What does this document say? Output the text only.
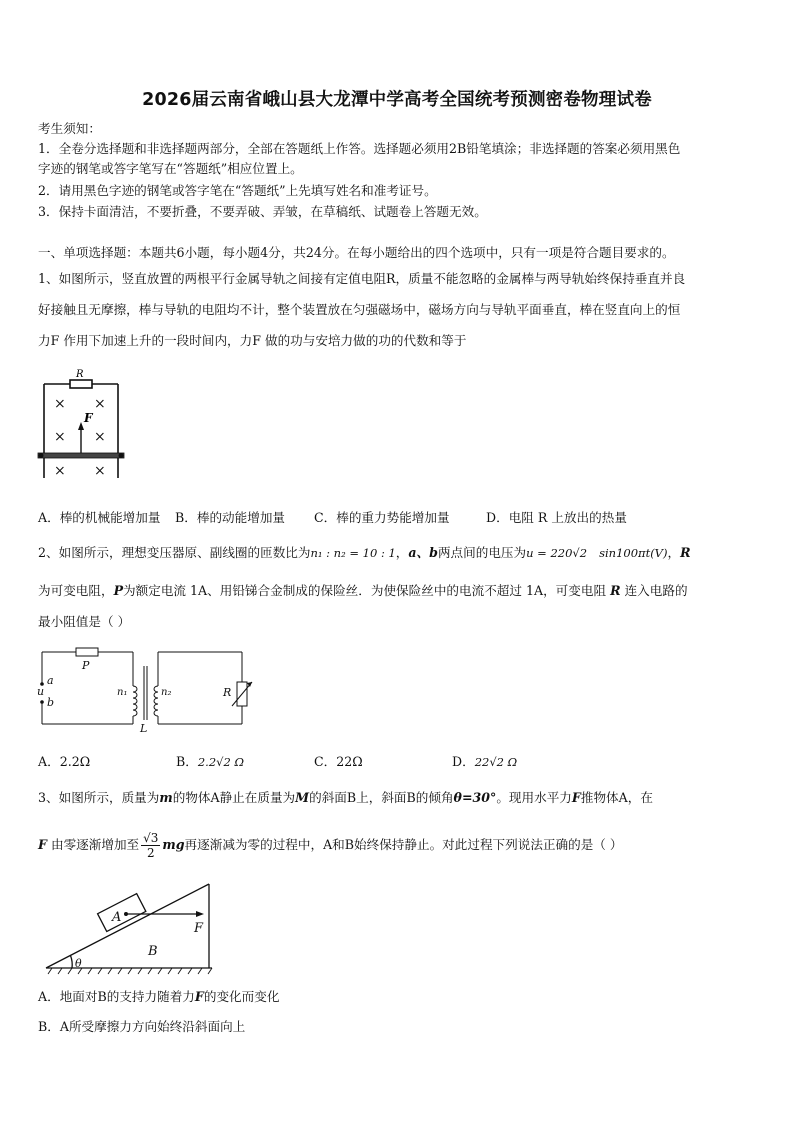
2026届云南省峨山县大龙潭中学高考全国统考预测密卷物理试卷
考生须知：
1．全卷分选择题和非选择题两部分，全部在答题纸上作答。选择题必须用2B铅笔填涂；非选择题的答案必须用黑色
字迹的钢笔或答字笔写在“答题纸”相应位置上。
2．请用黑色字迹的钢笔或答字笔在“答题纸”上先填写姓名和准考证号。
3．保持卡面清洁，不要折叠，不要弄破、弄皱，在草稿纸、试题卷上答题无效。
一、单项选择题：本题共6小题，每小题4分，共24分。在每小题给出的四个选项中，只有一项是符合题目要求的。
1、如图所示，竖直放置的两根平行金属导轨之间接有定值电阻R，质量不能忽略的金属棒与两导轨始终保持垂直并良
好接触且无摩擦，棒与导轨的电阻均不计，整个装置放在匀强磁场中，磁场方向与导轨平面垂直，棒在竖直向上的恒
力F 作用下加速上升的一段时间内，力F 做的功与安培力做的功的代数和等于
R
× ×
× ×
× ×
F
A．棒的机械能增加量 B．棒的动能增加量 C．棒的重力势能增加量	D．电阻 R 上放出的热量
2、如图所示，理想变压器原、副线圈的匝数比为n₁ : n₂ = 10 : 1，a、b两点间的电压为u = 220√2 sin100πt(V)，R
为可变电阻，P为额定电流 1A、用铅锑合金制成的保险丝．为使保险丝中的电流不超过 1A，可变电阻 R 连入电路的
最小阻值是（ ）
P
a
u
b
n₁	n₂
L
R
A．2.2Ω	B．2.2√2 Ω	C．22Ω	D．22√2 Ω
3、如图所示，质量为m的物体A静止在质量为M的斜面B上，斜面B的倾角θ=30°。现用水平力F推物体A，在
F 由零逐渐增加至 $\frac{√3}{2}$ mg再逐渐减为零的过程中，A和B始终保持静止。对此过程下列说法正确的是（ ）
A
B
F
θ
A．地面对B的支持力随着力F的变化而变化
B．A所受摩擦力方向始终沿斜面向上
